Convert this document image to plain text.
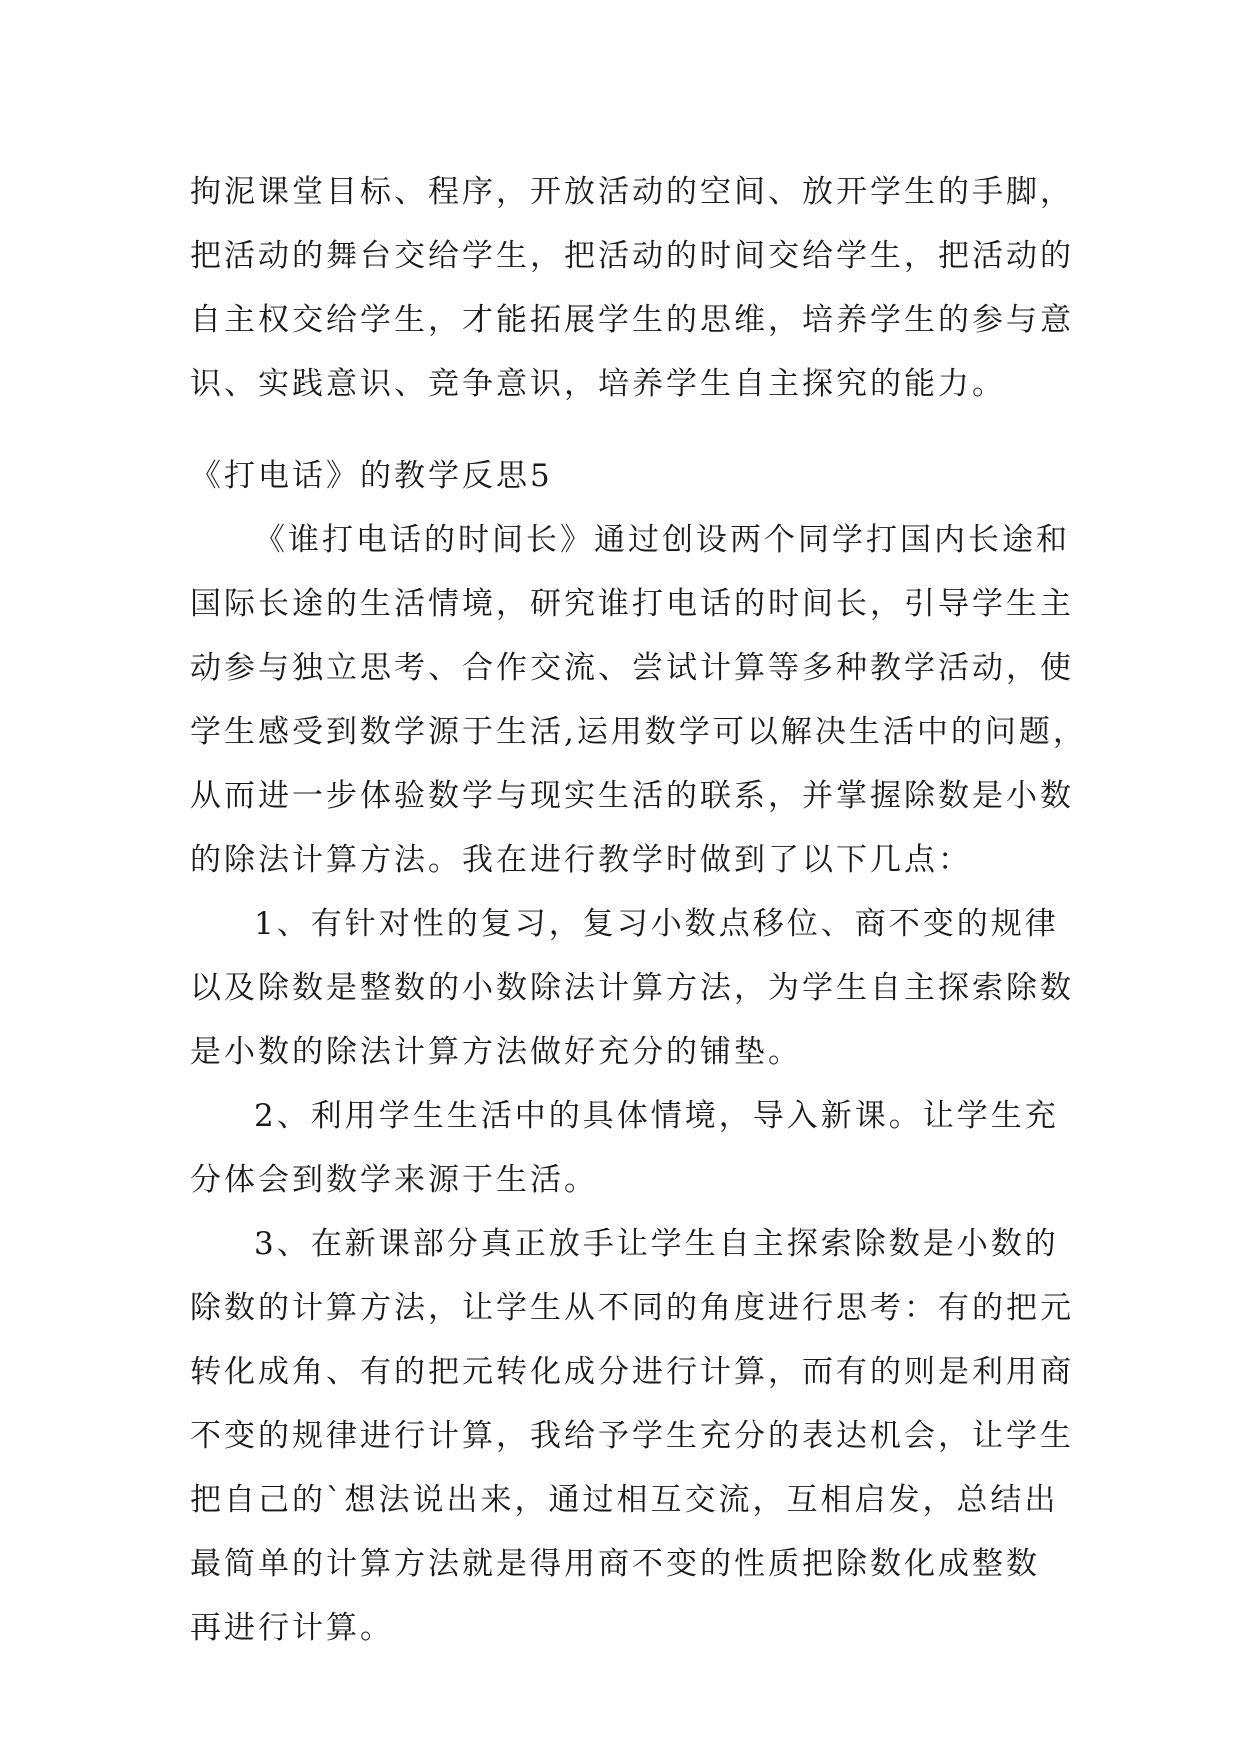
拘泥课堂目标、程序，开放活动的空间、放开学生的手脚，
把活动的舞台交给学生，把活动的时间交给学生，把活动的
自主权交给学生，才能拓展学生的思维，培养学生的参与意
识、实践意识、竞争意识，培养学生自主探究的能力。
《打电话》的教学反思5
《谁打电话的时间长》通过创设两个同学打国内长途和
国际长途的生活情境，研究谁打电话的时间长，引导学生主
动参与独立思考、合作交流、尝试计算等多种教学活动，使
学生感受到数学源于生活,运用数学可以解决生活中的问题，
从而进一步体验数学与现实生活的联系，并掌握除数是小数
的除法计算方法。我在进行教学时做到了以下几点：
1、有针对性的复习，复习小数点移位、商不变的规律
以及除数是整数的小数除法计算方法，为学生自主探索除数
是小数的除法计算方法做好充分的铺垫。
2、利用学生生活中的具体情境，导入新课。让学生充
分体会到数学来源于生活。
3、在新课部分真正放手让学生自主探索除数是小数的
除数的计算方法，让学生从不同的角度进行思考：有的把元
转化成角、有的把元转化成分进行计算，而有的则是利用商
不变的规律进行计算，我给予学生充分的表达机会，让学生
把自己的`想法说出来，通过相互交流，互相启发，总结出
最简单的计算方法就是得用商不变的性质把除数化成整数
再进行计算。
